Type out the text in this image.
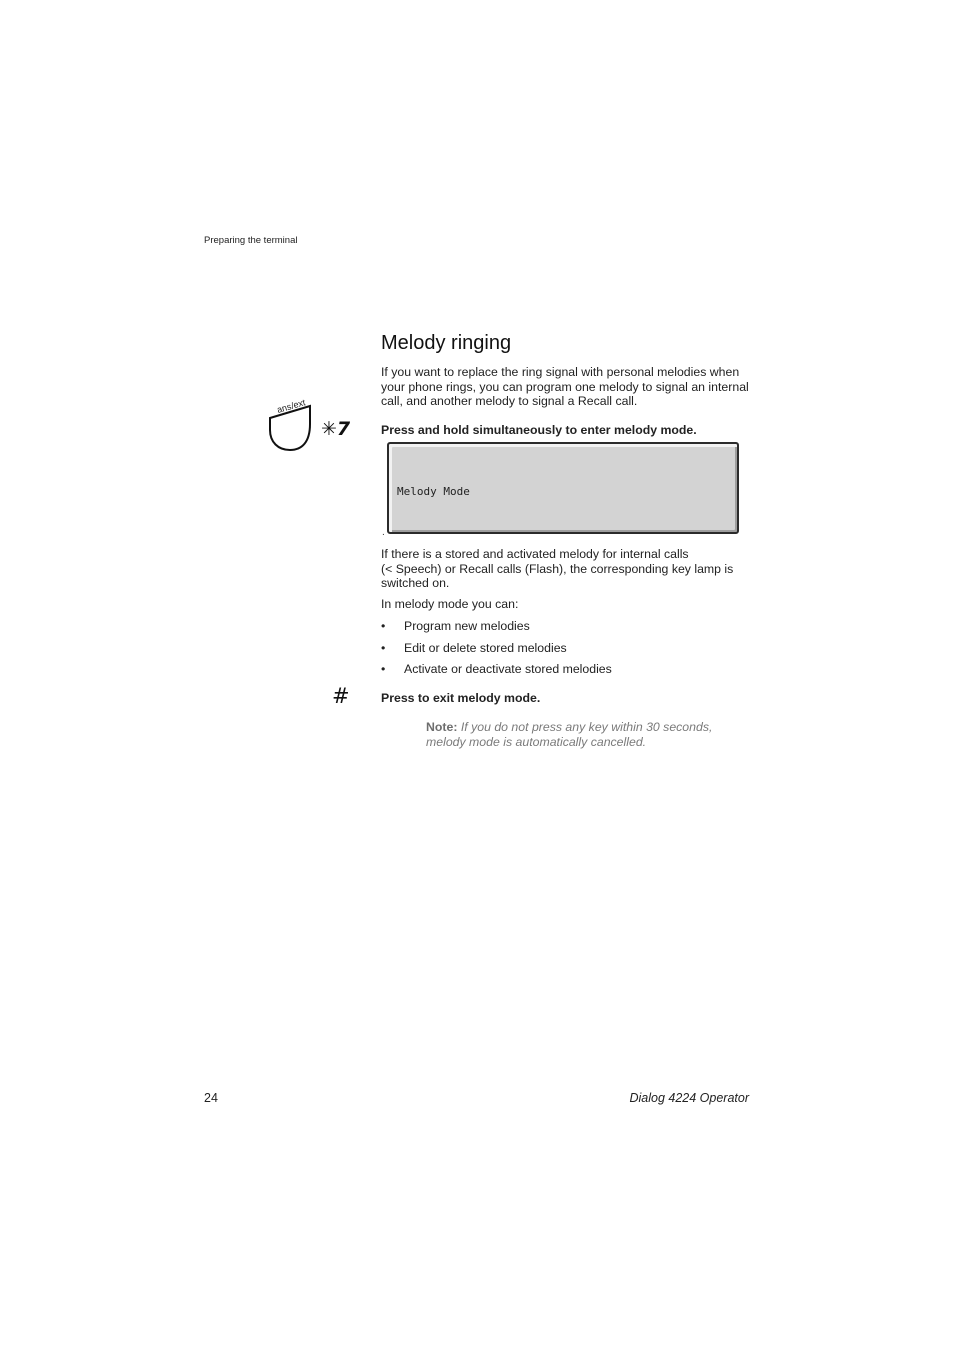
Preparing the terminal
Melody ringing
If you want to replace the ring signal with personal melodies when your phone rings, you can program one melody to signal an internal call, and another melody to signal a Recall call.
ans/ext
✳7	Press and hold simultaneously to enter melody mode.
Melody Mode
.
If there is a stored and activated melody for internal calls
(< Speech) or Recall calls (Flash), the corresponding key lamp is switched on.
In melody mode you can:
• Program new melodies
• Edit or delete stored melodies
• Activate or deactivate stored melodies
#	Press to exit melody mode.
Note: If you do not press any key within 30 seconds, melody mode is automatically cancelled.
24	Dialog 4224 Operator
